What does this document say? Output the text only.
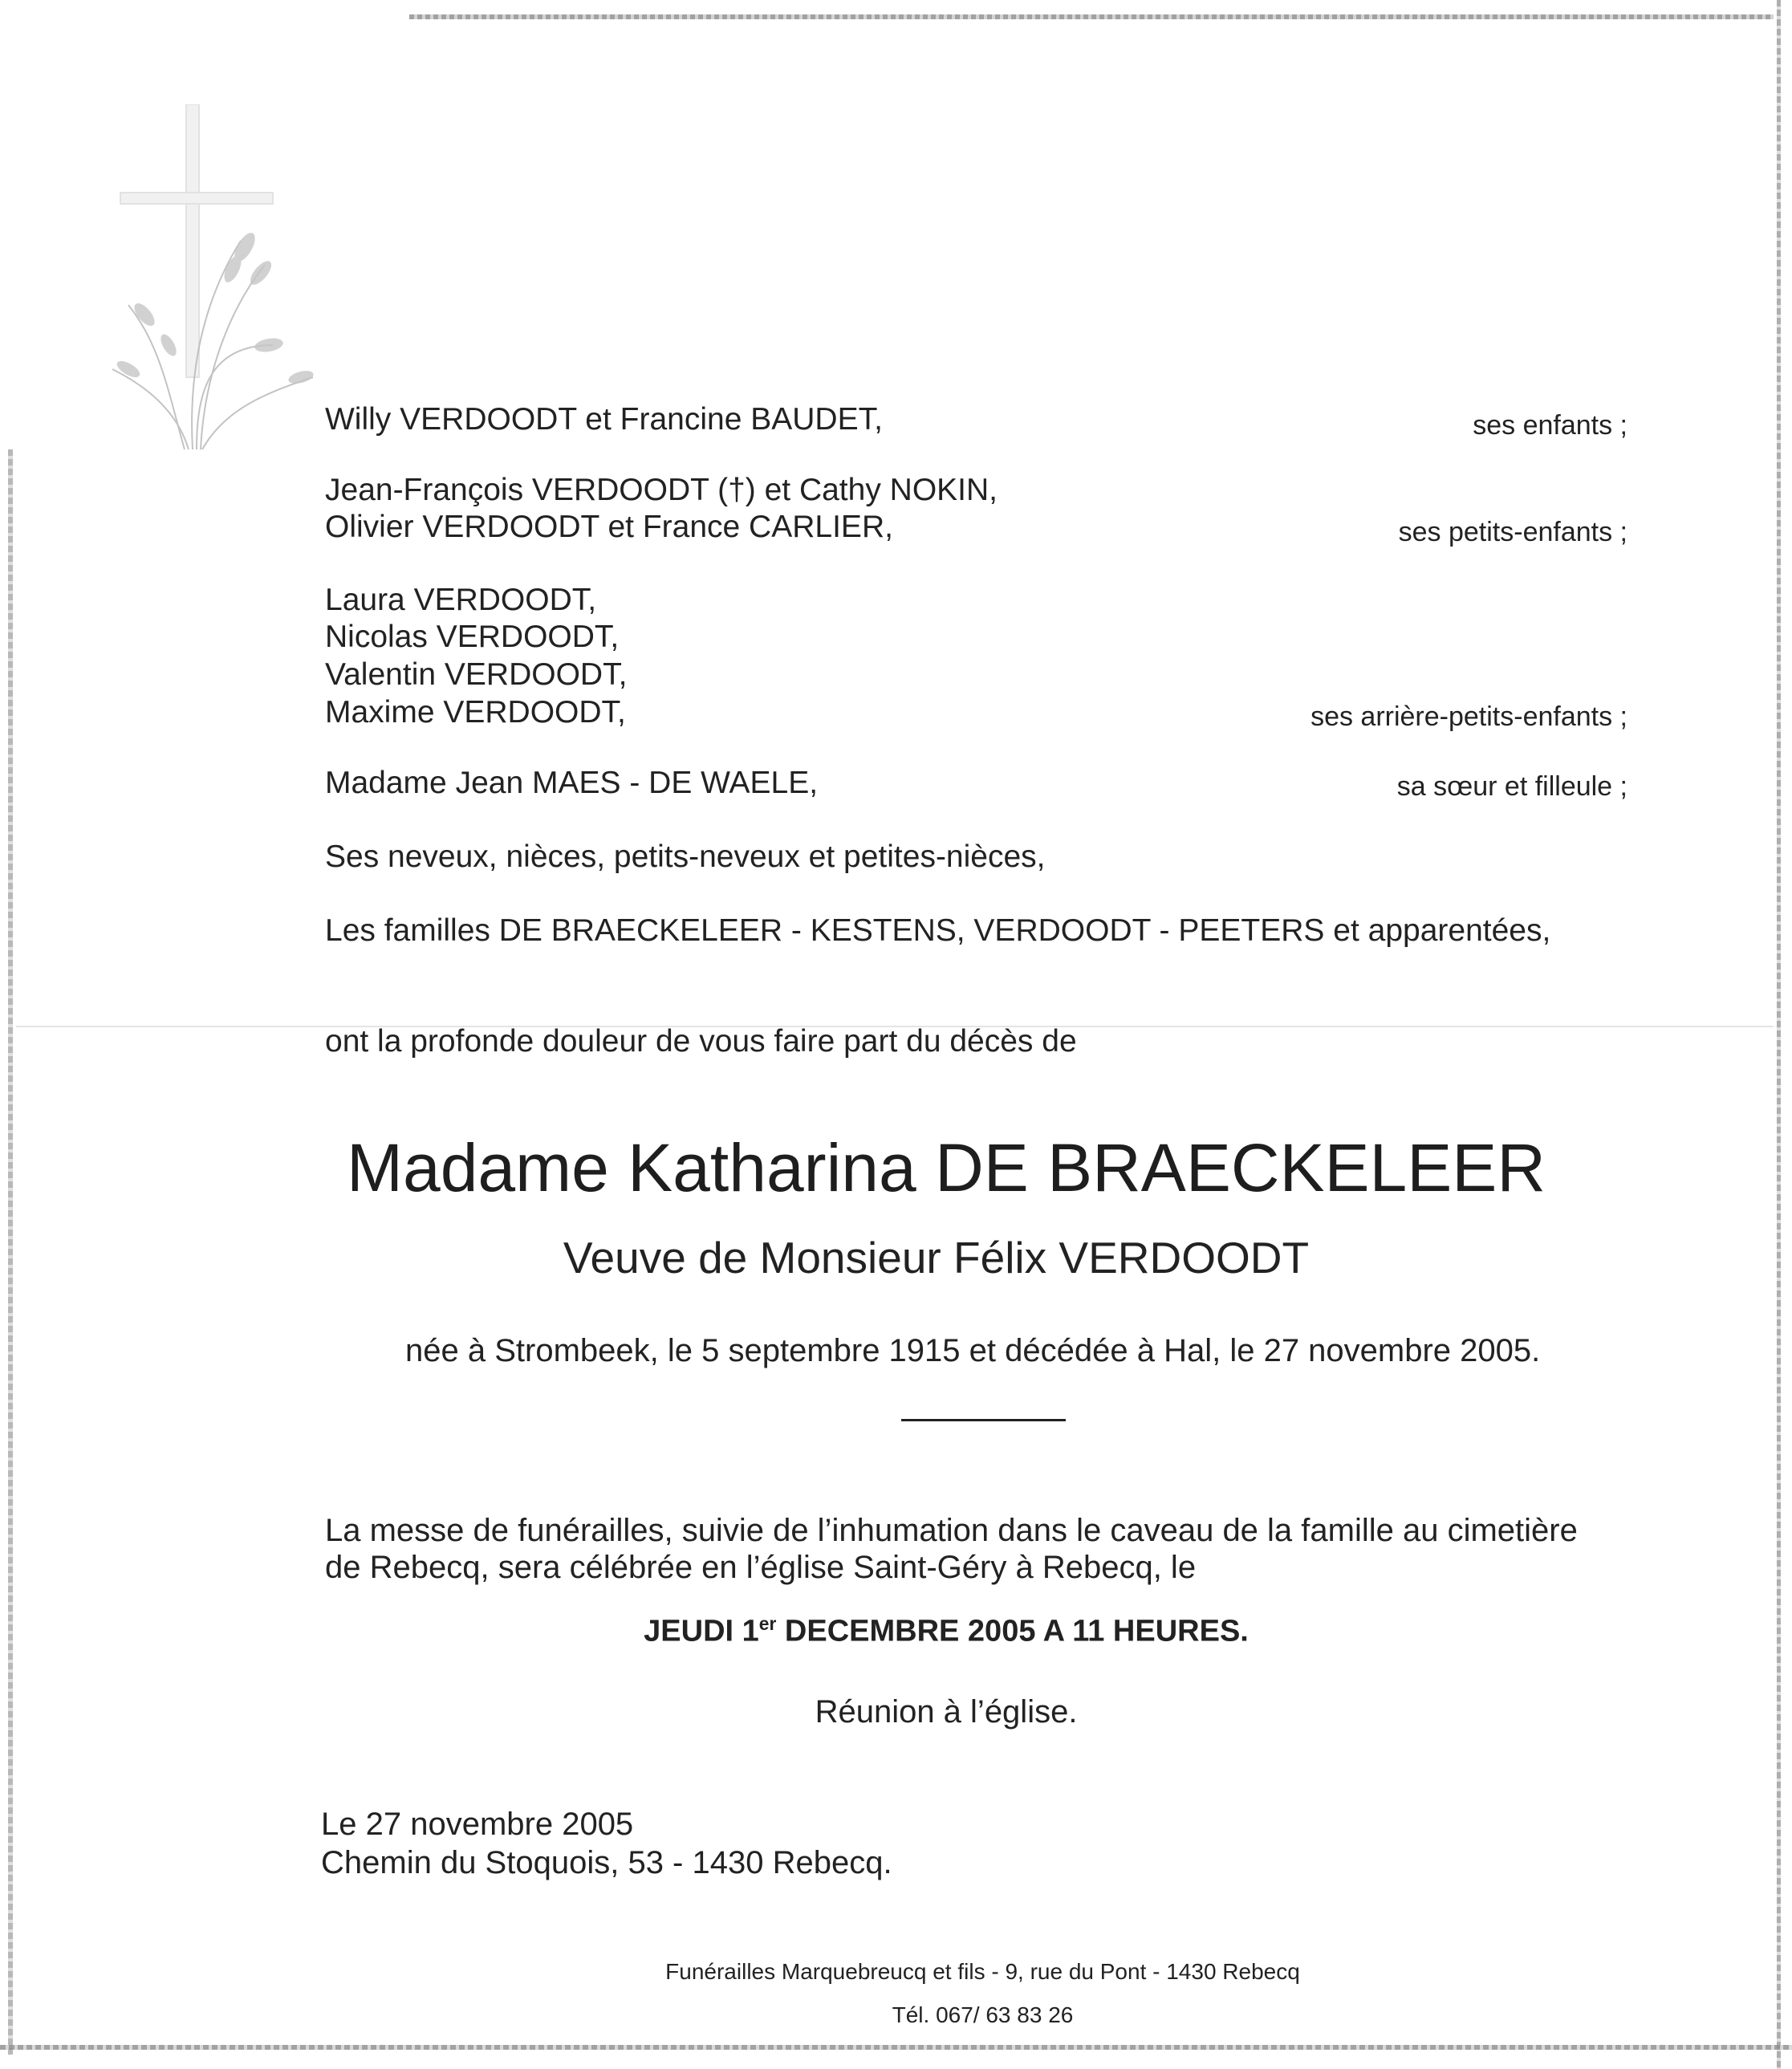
Willy VERDOODT et Francine BAUDET,	ses enfants ;
Jean-François VERDOODT (†) et Cathy NOKIN,
Olivier VERDOODT et France CARLIER,	ses petits-enfants ;
Laura VERDOODT,
Nicolas VERDOODT,
Valentin VERDOODT,
Maxime VERDOODT,	ses arrière-petits-enfants ;
Madame Jean MAES - DE WAELE,	sa sœur et filleule ;
Ses neveux, nièces, petits-neveux et petites-nièces,
Les familles DE BRAECKELEER - KESTENS, VERDOODT - PEETERS et apparentées,
ont la profonde douleur de vous faire part du décès de
Madame Katharina DE BRAECKELEER
Veuve de Monsieur Félix VERDOODT
née à Strombeek, le 5 septembre 1915 et décédée à Hal, le 27 novembre 2005.
La messe de funérailles, suivie de l’inhumation dans le caveau de la famille au cimetière
de Rebecq, sera célébrée en l’église Saint-Géry à Rebecq, le
JEUDI 1er DECEMBRE 2005 A 11 HEURES.
Réunion à l’église.
Le 27 novembre 2005
Chemin du Stoquois, 53 - 1430 Rebecq.
Funérailles Marquebreucq et fils - 9, rue du Pont - 1430 Rebecq
Tél. 067/ 63 83 26
